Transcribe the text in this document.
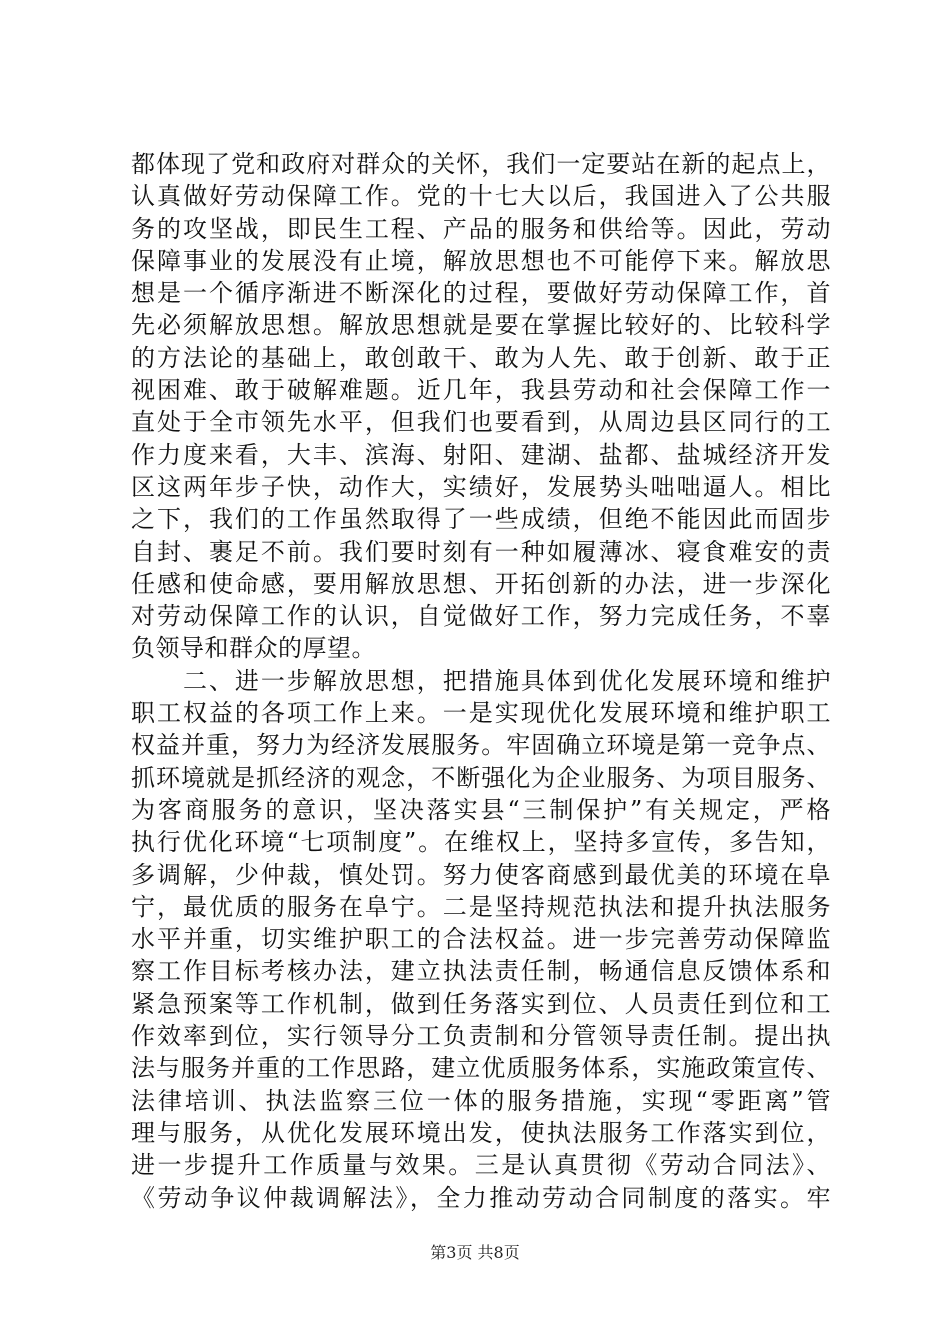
都体现了党和政府对群众的关怀，我们一定要站在新的起点上，
认真做好劳动保障工作。党的十七大以后，我国进入了公共服
务的攻坚战，即民生工程、产品的服务和供给等。因此，劳动
保障事业的发展没有止境，解放思想也不可能停下来。解放思
想是一个循序渐进不断深化的过程，要做好劳动保障工作，首
先必须解放思想。解放思想就是要在掌握比较好的、比较科学
的方法论的基础上，敢创敢干、敢为人先、敢于创新、敢于正
视困难、敢于破解难题。近几年，我县劳动和社会保障工作一
直处于全市领先水平，但我们也要看到，从周边县区同行的工
作力度来看，大丰、滨海、射阳、建湖、盐都、盐城经济开发
区这两年步子快，动作大，实绩好，发展势头咄咄逼人。相比
之下，我们的工作虽然取得了一些成绩，但绝不能因此而固步
自封、裹足不前。我们要时刻有一种如履薄冰、寝食难安的责
任感和使命感，要用解放思想、开拓创新的办法，进一步深化
对劳动保障工作的认识，自觉做好工作，努力完成任务，不辜
负领导和群众的厚望。
　　二、进一步解放思想，把措施具体到优化发展环境和维护
职工权益的各项工作上来。一是实现优化发展环境和维护职工
权益并重，努力为经济发展服务。牢固确立环境是第一竞争点、
抓环境就是抓经济的观念，不断强化为企业服务、为项目服务、
为客商服务的意识，坚决落实县“三制保护”有关规定，严格
执行优化环境“七项制度”。在维权上，坚持多宣传，多告知，
多调解，少仲裁，慎处罚。努力使客商感到最优美的环境在阜
宁，最优质的服务在阜宁。二是坚持规范执法和提升执法服务
水平并重，切实维护职工的合法权益。进一步完善劳动保障监
察工作目标考核办法，建立执法责任制，畅通信息反馈体系和
紧急预案等工作机制，做到任务落实到位、人员责任到位和工
作效率到位，实行领导分工负责制和分管领导责任制。提出执
法与服务并重的工作思路，建立优质服务体系，实施政策宣传、
法律培训、执法监察三位一体的服务措施，实现“零距离”管
理与服务，从优化发展环境出发，使执法服务工作落实到位，
进一步提升工作质量与效果。三是认真贯彻《劳动合同法》、
《劳动争议仲裁调解法》，全力推动劳动合同制度的落实。牢
第3页 共8页
